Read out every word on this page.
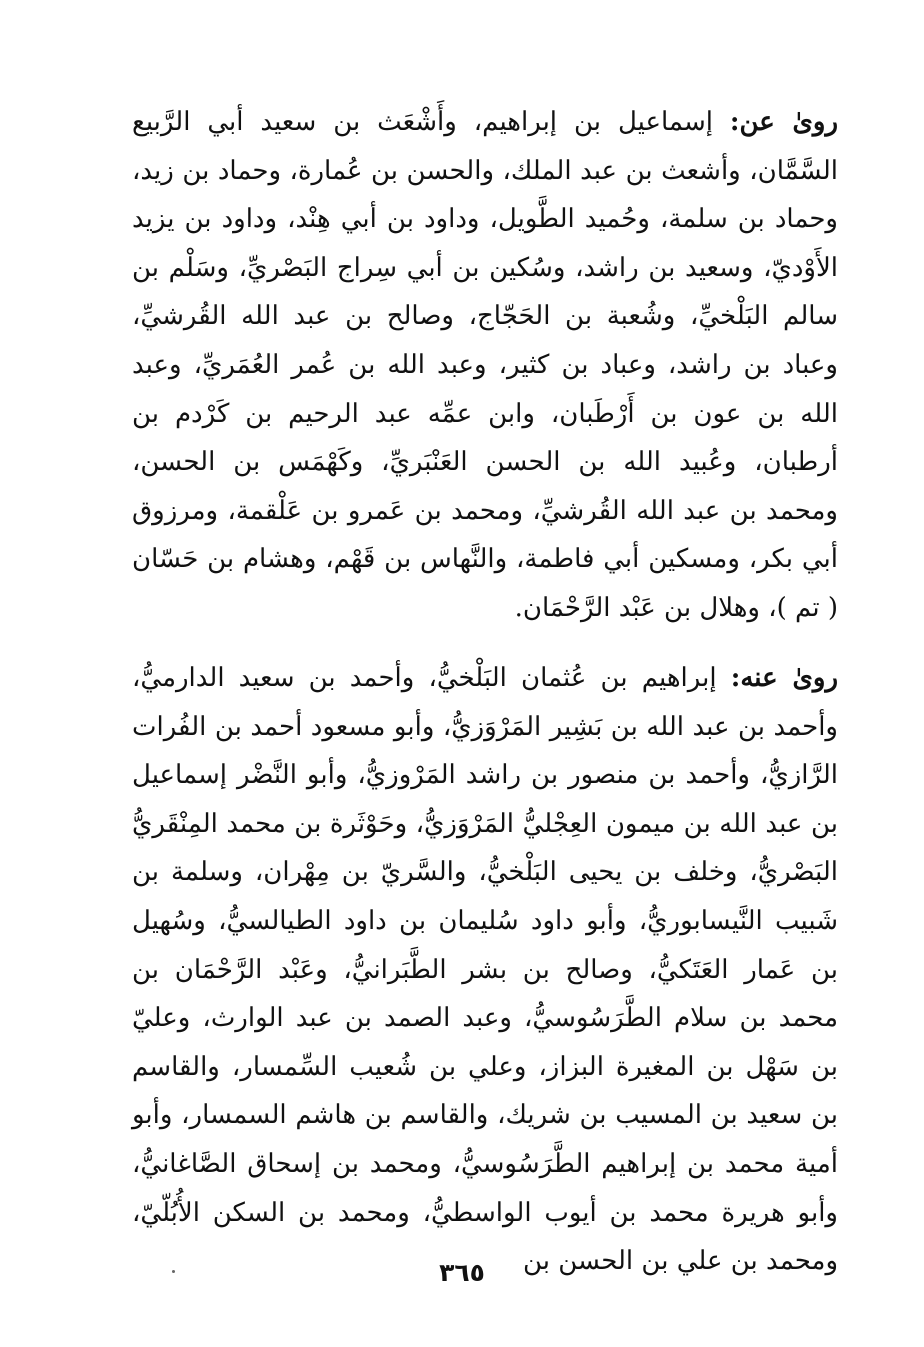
روىٰ عن: إسماعيل بن إبراهيم، وأَشْعَث بن سعيد أبي الرَّبيع السَّمَّان، وأشعث بن عبد الملك، والحسن بن عُمارة، وحماد بن زيد، وحماد بن سلمة، وحُميد الطَّويل، وداود بن أبي هِنْد، وداود بن يزيد الأَوْديّ، وسعيد بن راشد، وسُكين بن أبي سِراج البَصْريِّ، وسَلْم بن سالم البَلْخيِّ، وشُعبة بن الحَجّاج، وصالح بن عبد الله القُرشيِّ، وعباد بن راشد، وعباد بن كثير، وعبد الله بن عُمر العُمَريِّ، وعبد الله بن عون بن أَرْطَبان، وابن عمِّه عبد الرحيم بن كَرْدم بن أرطبان، وعُبيد الله بن الحسن العَنْبَريِّ، وكَهْمَس بن الحسن، ومحمد بن عبد الله القُرشيِّ، ومحمد بن عَمرو بن عَلْقمة، ومرزوق أبي بكر، ومسكين أبي فاطمة، والنَّهاس بن قَهْم، وهشام بن حَسّان ( تم )، وهلال بن عَبْد الرَّحْمَان.

روىٰ عنه: إبراهيم بن عُثمان البَلْخيُّ، وأحمد بن سعيد الدارميُّ، وأحمد بن عبد الله بن بَشِير المَرْوَزيُّ، وأبو مسعود أحمد بن الفُرات الرَّازيُّ، وأحمد بن منصور بن راشد المَرْوزيُّ، وأبو النَّضْر إسماعيل بن عبد الله بن ميمون العِجْليُّ المَرْوَزيُّ، وحَوْثَرة بن محمد المِنْقَريُّ البَصْريُّ، وخلف بن يحيى البَلْخيُّ، والسَّريّ بن مِهْران، وسلمة بن شَبيب النَّيسابوريُّ، وأبو داود سُليمان بن داود الطيالسيُّ، وسُهيل بن عَمار العَتَكيُّ، وصالح بن بشر الطَّبَرانيُّ، وعَبْد الرَّحْمَان بن محمد بن سلام الطَّرَسُوسيُّ، وعبد الصمد بن عبد الوارث، وعليّ بن سَهْل بن المغيرة البزاز، وعلي بن شُعيب السِّمسار، والقاسم بن سعيد بن المسيب بن شريك، والقاسم بن هاشم السمسار، وأبو أمية محمد بن إبراهيم الطَّرَسُوسيُّ، ومحمد بن إسحاق الصَّاغانيُّ، وأبو هريرة محمد بن أيوب الواسطيُّ، ومحمد بن السكن الأُبُلّيّ، ومحمد بن علي بن الحسن بن

٣٦٥
